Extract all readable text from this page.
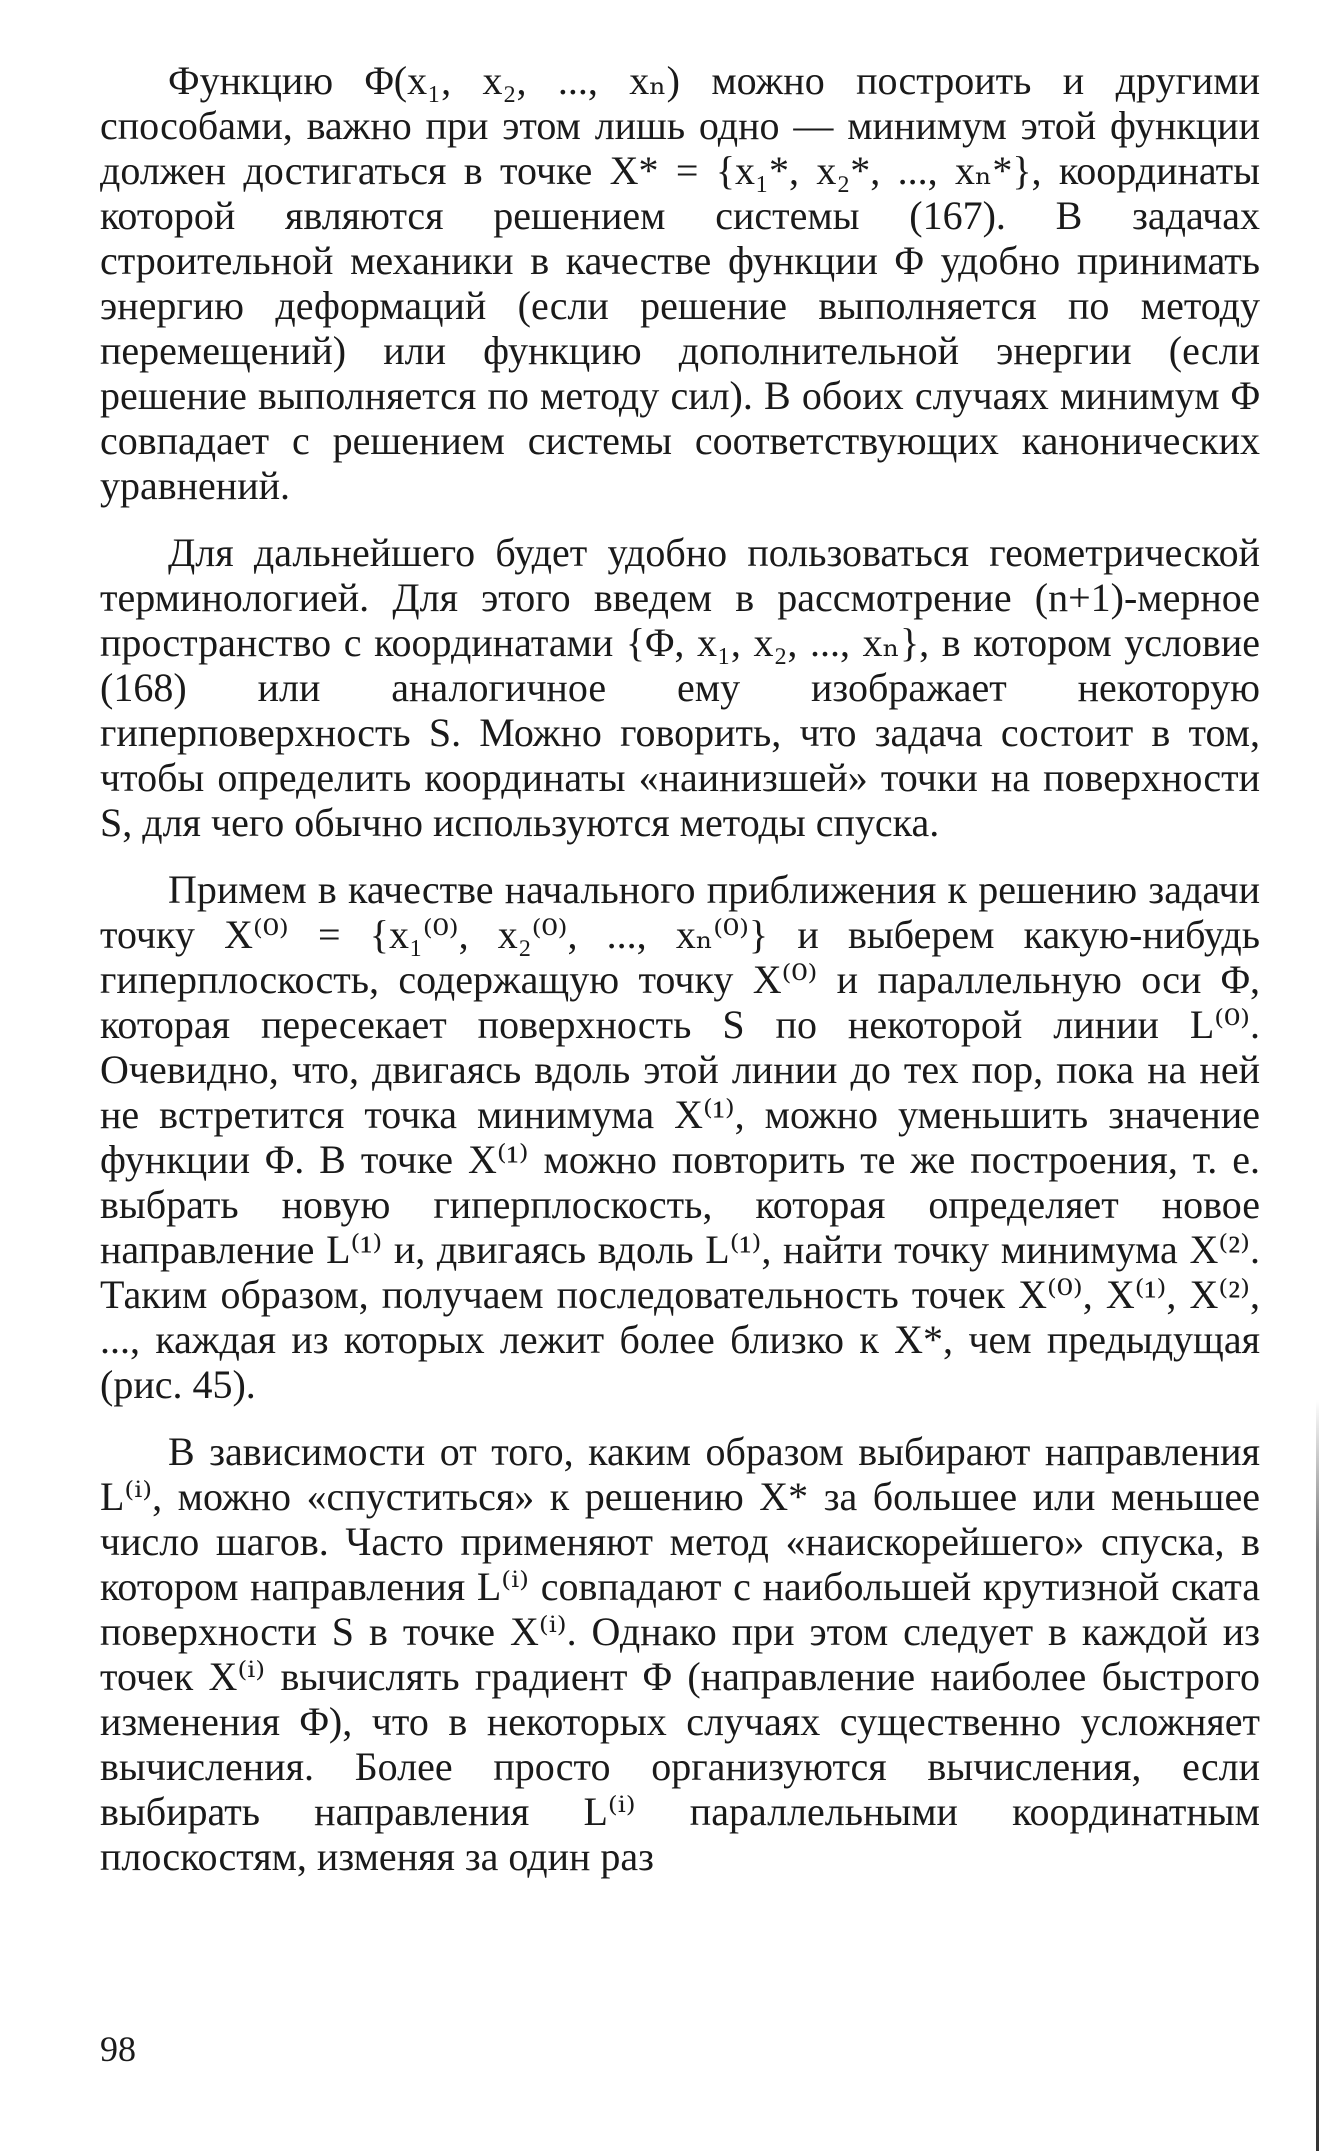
Функцию Φ(x₁, x₂, ..., xₙ) можно построить и другими способами, важно при этом лишь одно — минимум этой функции должен достигаться в точке X* = {x₁*, x₂*, ..., xₙ*}, координаты которой являются решением системы (167). В задачах строительной механики в качестве функции Φ удобно принимать энергию деформаций (если решение выполняется по методу перемещений) или функцию дополнительной энергии (если решение выполняется по методу сил). В обоих случаях минимум Φ совпадает с решением системы соответствующих канонических уравнений.

Для дальнейшего будет удобно пользоваться геометрической терминологией. Для этого введем в рассмотрение (n+1)-мерное пространство с координатами {Φ, x₁, x₂, ..., xₙ}, в котором условие (168) или аналогичное ему изображает некоторую гиперповерхность S. Можно говорить, что задача состоит в том, чтобы определить координаты «наинизшей» точки на поверхности S, для чего обычно используются методы спуска.

Примем в качестве начального приближения к решению задачи точку X⁽⁰⁾ = {x₁⁽⁰⁾, x₂⁽⁰⁾, ..., xₙ⁽⁰⁾} и выберем какую-нибудь гиперплоскость, содержащую точку X⁽⁰⁾ и параллельную оси Φ, которая пересекает поверхность S по некоторой линии L⁽⁰⁾. Очевидно, что, двигаясь вдоль этой линии до тех пор, пока на ней не встретится точка минимума X⁽¹⁾, можно уменьшить значение функции Φ. В точке X⁽¹⁾ можно повторить те же построения, т. е. выбрать новую гиперплоскость, которая определяет новое направление L⁽¹⁾ и, двигаясь вдоль L⁽¹⁾, найти точку минимума X⁽²⁾. Таким образом, получаем последовательность точек X⁽⁰⁾, X⁽¹⁾, X⁽²⁾, ..., каждая из которых лежит более близко к X*, чем предыдущая (рис. 45).

В зависимости от того, каким образом выбирают направления L⁽ⁱ⁾, можно «спуститься» к решению X* за большее или меньшее число шагов. Часто применяют метод «наискорейшего» спуска, в котором направления L⁽ⁱ⁾ совпадают с наибольшей крутизной ската поверхности S в точке X⁽ⁱ⁾. Однако при этом следует в каждой из точек X⁽ⁱ⁾ вычислять градиент Φ (направление наиболее быстрого изменения Φ), что в некоторых случаях существенно усложняет вычисления. Более просто организуются вычисления, если выбирать направления L⁽ⁱ⁾ параллельными координатным плоскостям, изменяя за один раз

98
